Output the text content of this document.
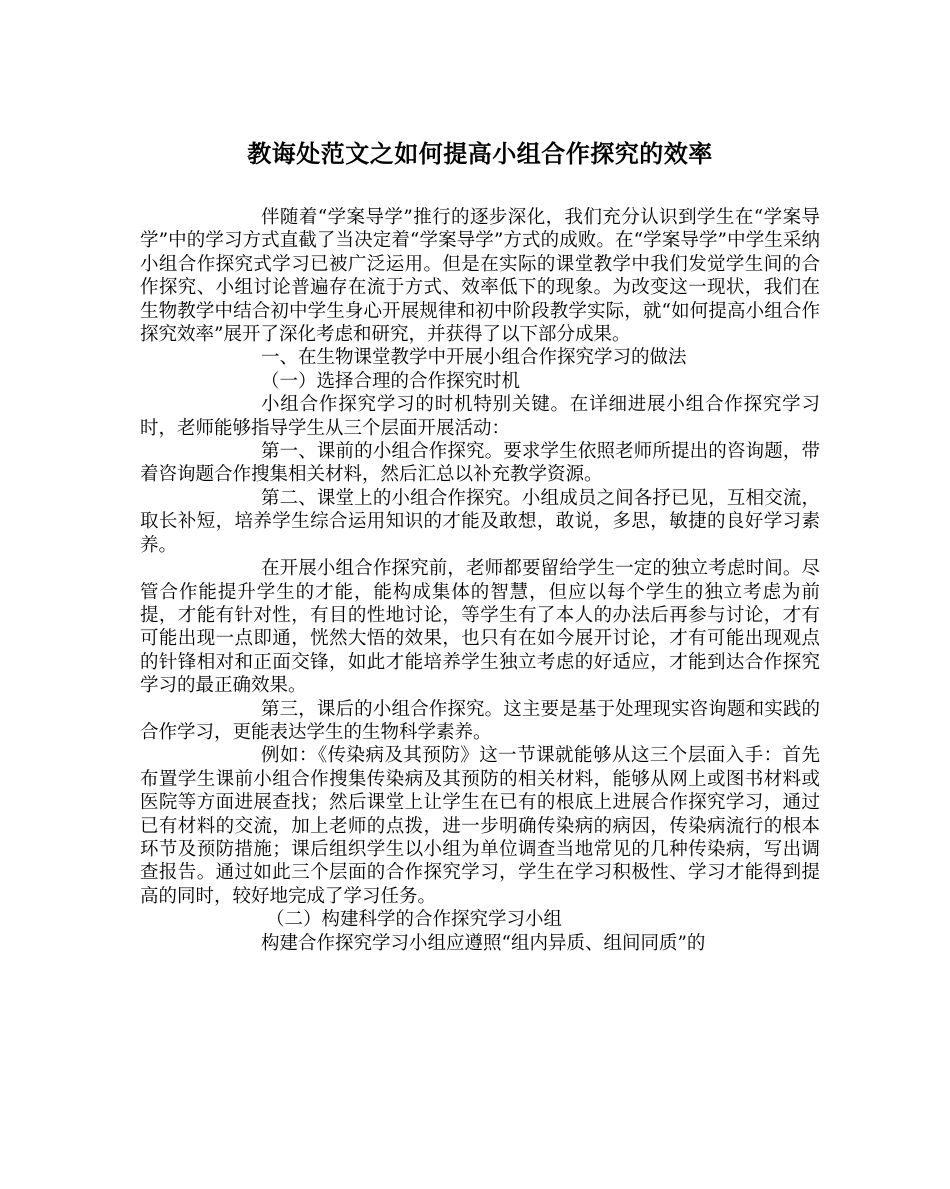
教诲处范文之如何提高小组合作探究的效率

伴随着“学案导学”推行的逐步深化，我们充分认识到学生在“学案导学”中的学习方式直截了当决定着“学案导学”方式的成败。在“学案导学”中学生采纳小组合作探究式学习已被广泛运用。但是在实际的课堂教学中我们发觉学生间的合作探究、小组讨论普遍存在流于方式、效率低下的现象。为改变这一现状，我们在生物教学中结合初中学生身心开展规律和初中阶段教学实际，就“如何提高小组合作探究效率”展开了深化考虑和研究，并获得了以下部分成果。

一、在生物课堂教学中开展小组合作探究学习的做法

（一）选择合理的合作探究时机

小组合作探究学习的时机特别关键。在详细进展小组合作探究学习时，老师能够指导学生从三个层面开展活动：

第一、课前的小组合作探究。要求学生依照老师所提出的咨询题，带着咨询题合作搜集相关材料，然后汇总以补充教学资源。

第二、课堂上的小组合作探究。小组成员之间各抒已见，互相交流，取长补短，培养学生综合运用知识的才能及敢想，敢说，多思，敏捷的良好学习素养。

在开展小组合作探究前，老师都要留给学生一定的独立考虑时间。尽管合作能提升学生的才能，能构成集体的智慧，但应以每个学生的独立考虑为前提，才能有针对性，有目的性地讨论，等学生有了本人的办法后再参与讨论，才有可能出现一点即通，恍然大悟的效果，也只有在如今展开讨论，才有可能出现观点的针锋相对和正面交锋，如此才能培养学生独立考虑的好适应，才能到达合作探究学习的最正确效果。

第三，课后的小组合作探究。这主要是基于处理现实咨询题和实践的合作学习，更能表达学生的生物科学素养。

例如：《传染病及其预防》这一节课就能够从这三个层面入手：首先布置学生课前小组合作搜集传染病及其预防的相关材料，能够从网上或图书材料或医院等方面进展查找；然后课堂上让学生在已有的根底上进展合作探究学习，通过已有材料的交流，加上老师的点拨，进一步明确传染病的病因，传染病流行的根本环节及预防措施；课后组织学生以小组为单位调查当地常见的几种传染病，写出调查报告。通过如此三个层面的合作探究学习，学生在学习积极性、学习才能得到提高的同时，较好地完成了学习任务。

（二）构建科学的合作探究学习小组

构建合作探究学习小组应遵照“组内异质、组间同质”的
